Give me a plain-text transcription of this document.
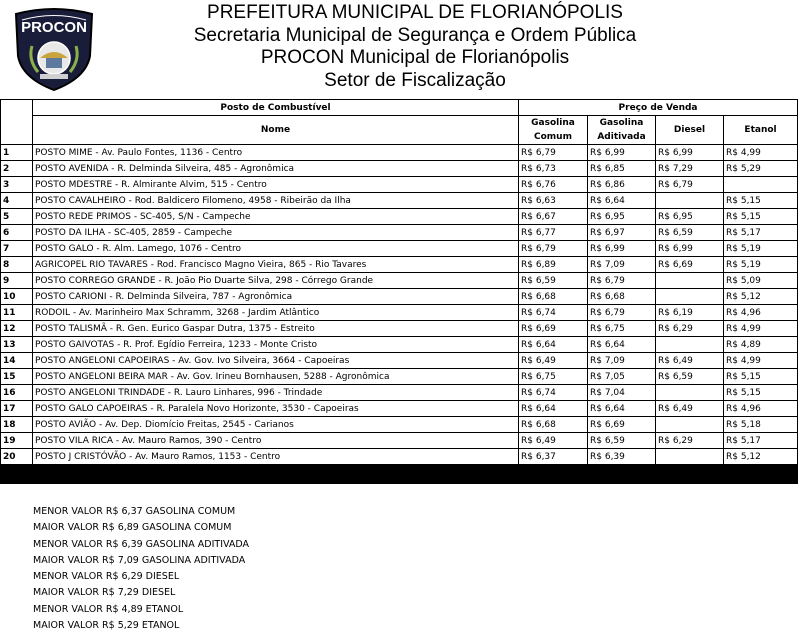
PROCON
PREFEITURA MUNICIPAL DE FLORIANÓPOLIS
Secretaria Municipal de Segurança e Ordem Pública
PROCON Municipal de Florianópolis
Setor de Fiscalização
	Posto de Combustível	Preço de Venda			
	Nome	Gasolina Comum	Gasolina Aditivada	Diesel	Etanol
1	POSTO MIME - Av. Paulo Fontes, 1136 - Centro	R$ 6,79	R$ 6,99	R$ 6,99	R$ 4,99
2	POSTO AVENIDA - R. Delminda Silveira, 485 - Agronômica	R$ 6,73	R$ 6,85	R$ 7,29	R$ 5,29
3	POSTO MDESTRE - R. Almirante Alvim, 515 - Centro	R$ 6,76	R$ 6,86	R$ 6,79	
4	POSTO CAVALHEIRO - Rod. Baldicero Filomeno, 4958 - Ribeirão da Ilha	R$ 6,63	R$ 6,64		R$ 5,15
5	POSTO REDE PRIMOS - SC-405, S/N - Campeche	R$ 6,67	R$ 6,95	R$ 6,95	R$ 5,15
6	POSTO DA ILHA - SC-405, 2859 - Campeche	R$ 6,77	R$ 6,97	R$ 6,59	R$ 5,17
7	POSTO GALO - R. Alm. Lamego, 1076 - Centro	R$ 6,79	R$ 6,99	R$ 6,99	R$ 5,19
8	AGRICOPEL RIO TAVARES - Rod. Francisco Magno Vieira, 865 - Rio Tavares	R$ 6,89	R$ 7,09	R$ 6,69	R$ 5,19
9	POSTO CORREGO GRANDE - R. João Pio Duarte Silva, 298 - Córrego Grande	R$ 6,59	R$ 6,79		R$ 5,09
10	POSTO CARIONI - R. Delminda Silveira, 787 - Agronômica	R$ 6,68	R$ 6,68		R$ 5,12
11	RODOIL - Av. Marinheiro Max Schramm, 3268 - Jardim Atlântico	R$ 6,74	R$ 6,79	R$ 6,19	R$ 4,96
12	POSTO TALISMÃ - R. Gen. Eurico Gaspar Dutra, 1375 - Estreito	R$ 6,69	R$ 6,75	R$ 6,29	R$ 4,99
13	POSTO GAIVOTAS - R. Prof. Egídio Ferreira, 1233 - Monte Cristo	R$ 6,64	R$ 6,64		R$ 4,89
14	POSTO ANGELONI CAPOEIRAS - Av. Gov. Ivo Silveira, 3664 - Capoeiras	R$ 6,49	R$ 7,09	R$ 6,49	R$ 4,99
15	POSTO ANGELONI BEIRA MAR - Av. Gov. Irineu Bornhausen, 5288 - Agronômica	R$ 6,75	R$ 7,05	R$ 6,59	R$ 5,15
16	POSTO ANGELONI TRINDADE - R. Lauro Linhares, 996 - Trindade	R$ 6,74	R$ 7,04		R$ 5,15
17	POSTO GALO CAPOEIRAS - R. Paralela Novo Horizonte, 3530 - Capoeiras	R$ 6,64	R$ 6,64	R$ 6,49	R$ 4,96
18	POSTO AVIÃO - Av. Dep. Diomício Freitas, 2545 - Carianos	R$ 6,68	R$ 6,69		R$ 5,18
19	POSTO VILA RICA - Av. Mauro Ramos, 390 - Centro	R$ 6,49	R$ 6,59	R$ 6,29	R$ 5,17
20	POSTO J CRISTÓVÃO - Av. Mauro Ramos, 1153 - Centro	R$ 6,37	R$ 6,39		R$ 5,12

MENOR VALOR R$ 6,37 GASOLINA COMUM
MAIOR VALOR R$ 6,89 GASOLINA COMUM
MENOR VALOR R$ 6,39 GASOLINA ADITIVADA
MAIOR VALOR R$ 7,09 GASOLINA ADITIVADA
MENOR VALOR R$ 6,29 DIESEL
MAIOR VALOR R$ 7,29 DIESEL
MENOR VALOR R$ 4,89 ETANOL
MAIOR VALOR R$ 5,29 ETANOL
